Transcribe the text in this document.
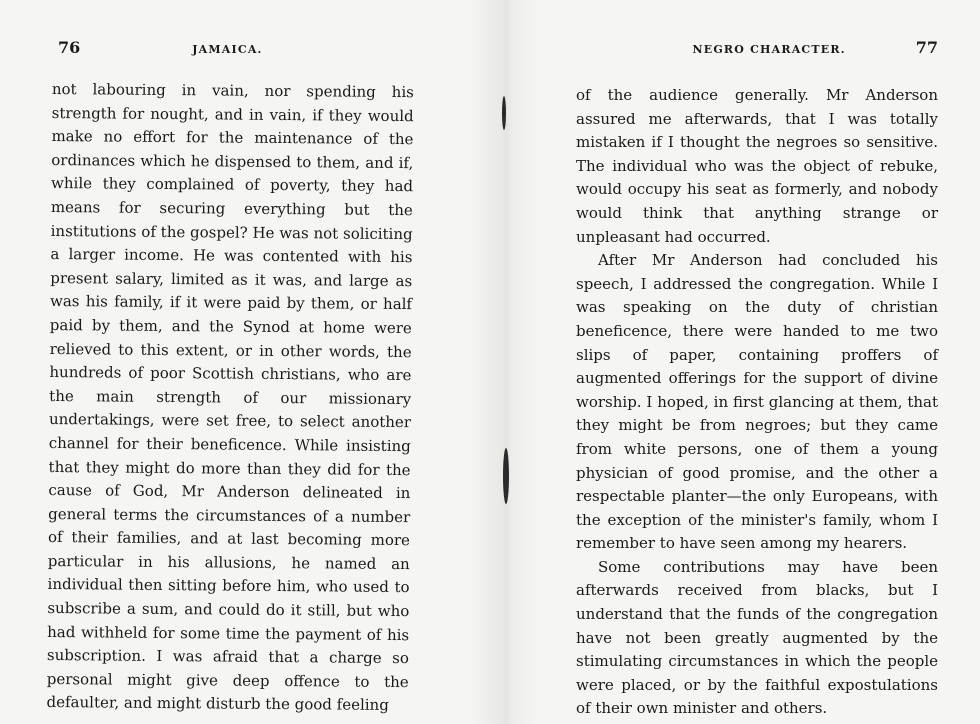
76	JAMAICA.

not labouring in vain, nor spending his strength for nought, and in vain, if they would make no effort for the maintenance of the ordinances which he dispensed to them, and if, while they complained of poverty, they had means for securing everything but the institutions of the gospel? He was not soliciting a larger income. He was contented with his present salary, limited as it was, and large as was his family, if it were paid by them, or half paid by them, and the Synod at home were relieved to this extent, or in other words, the hundreds of poor Scottish christians, who are the main strength of our missionary undertakings, were set free, to select another channel for their beneficence. While insisting that they might do more than they did for the cause of God, Mr Anderson delineated in general terms the circumstances of a number of their families, and at last becoming more particular in his allusions, he named an individual then sitting before him, who used to subscribe a sum, and could do it still, but who had withheld for some time the payment of his subscription. I was afraid that a charge so personal might give deep offence to the defaulter, and might disturb the good feeling

NEGRO CHARACTER.	77

of the audience generally. Mr Anderson assured me afterwards, that I was totally mistaken if I thought the negroes so sensitive. The individual who was the object of rebuke, would occupy his seat as formerly, and nobody would think that anything strange or unpleasant had occurred.

After Mr Anderson had concluded his speech, I addressed the congregation. While I was speaking on the duty of christian beneficence, there were handed to me two slips of paper, containing proffers of augmented offerings for the support of divine worship. I hoped, in first glancing at them, that they might be from negroes; but they came from white persons, one of them a young physician of good promise, and the other a respectable planter—the only Europeans, with the exception of the minister's family, whom I remember to have seen among my hearers.

Some contributions may have been afterwards received from blacks, but I understand that the funds of the congregation have not been greatly augmented by the stimulating circumstances in which the people were placed, or by the faithful expostulations of their own minister and others.
